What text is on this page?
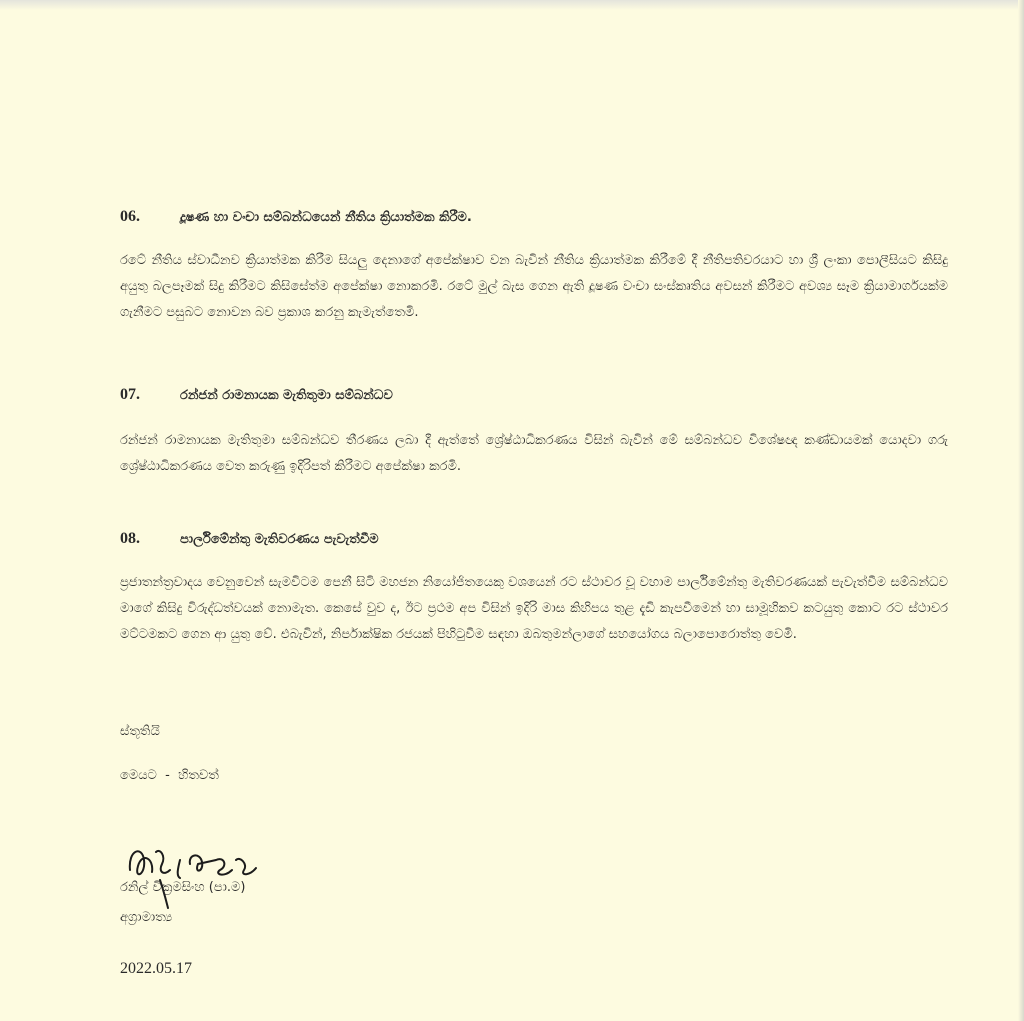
06.	දූෂණ හා වංචා සම්බන්ධයෙන් නීතිය ක්‍රියාත්මක කිරීම.

රටේ නීතිය ස්වාධීනව ක්‍රියාත්මක කිරීම සියලු දෙනාගේ අපේක්ෂාව වන බැවින් නීතිය ක්‍රියාත්මක කිරීමේ දී නීතිපතිවරයාට හා ශ්‍රී ලංකා පොලීසියට කිසිදු අයුතු බලපෑමක් සිදු කිරීමට කිසිසේත්ම අපේක්ෂා නොකරමි. රටේ මුල් බැස ගෙන ඇති දූෂණ වංචා සංස්කෘතිය අවසන් කිරීමට අවශ්‍ය සෑම ක්‍රියාමාර්ගයක්ම ගැනීමට පසුබට නොවන බව ප්‍රකාශ කරනු කැමැත්තෙමි.

07.	රන්ජන් රාමනායක මැතිතුමා සම්බන්ධව

රන්ජන් රාමනායක මැතිතුමා සම්බන්ධව තීරණය ලබා දී ඇත්තේ ශ්‍රේෂ්ඨාධිකරණය විසින් බැවින් මේ සම්බන්ධව විශේෂඥ කණ්ඩායමක් යොදවා ගරු ශ්‍රේෂ්ඨාධිකරණය වෙත කරුණු ඉදිරිපත් කිරීමට අපේක්ෂා කරමි.

08.	පාර්ලිමේන්තු මැතිවරණය පැවැත්වීම

ප්‍රජාතන්ත්‍රවාදය වෙනුවෙන් සැමවිටම පෙනී සිටි මහජන නියෝජිතයෙකු වශයෙන් රට ස්ථාවර වූ වහාම පාර්ලිමේන්තු මැතිවරණයක් පැවැත්වීම සම්බන්ධව මාගේ කිසිදු විරුද්ධත්වයක් නොමැත. කෙසේ වුව ද, ඊට ප්‍රථම අප විසින් ඉදිරි මාස කිහිපය තුළ දැඩි කැපවීමෙන් හා සාමූහිකව කටයුතු කොට රට ස්ථාවර මට්ටමකට ගෙන ආ යුතු වේ. එබැවින්, නිර්පාක්ෂික රජයක් පිහිටුවීම සඳහා ඔබතුමන්ලාගේ සහයෝගය බලාපොරොත්තු වෙමි.

ස්තූතියි
මෙයට  -  හිතවත්
රනිල් වික්‍රමසිංහ (පා.ම)
අග්‍රාමාත්‍ය
2022.05.17
